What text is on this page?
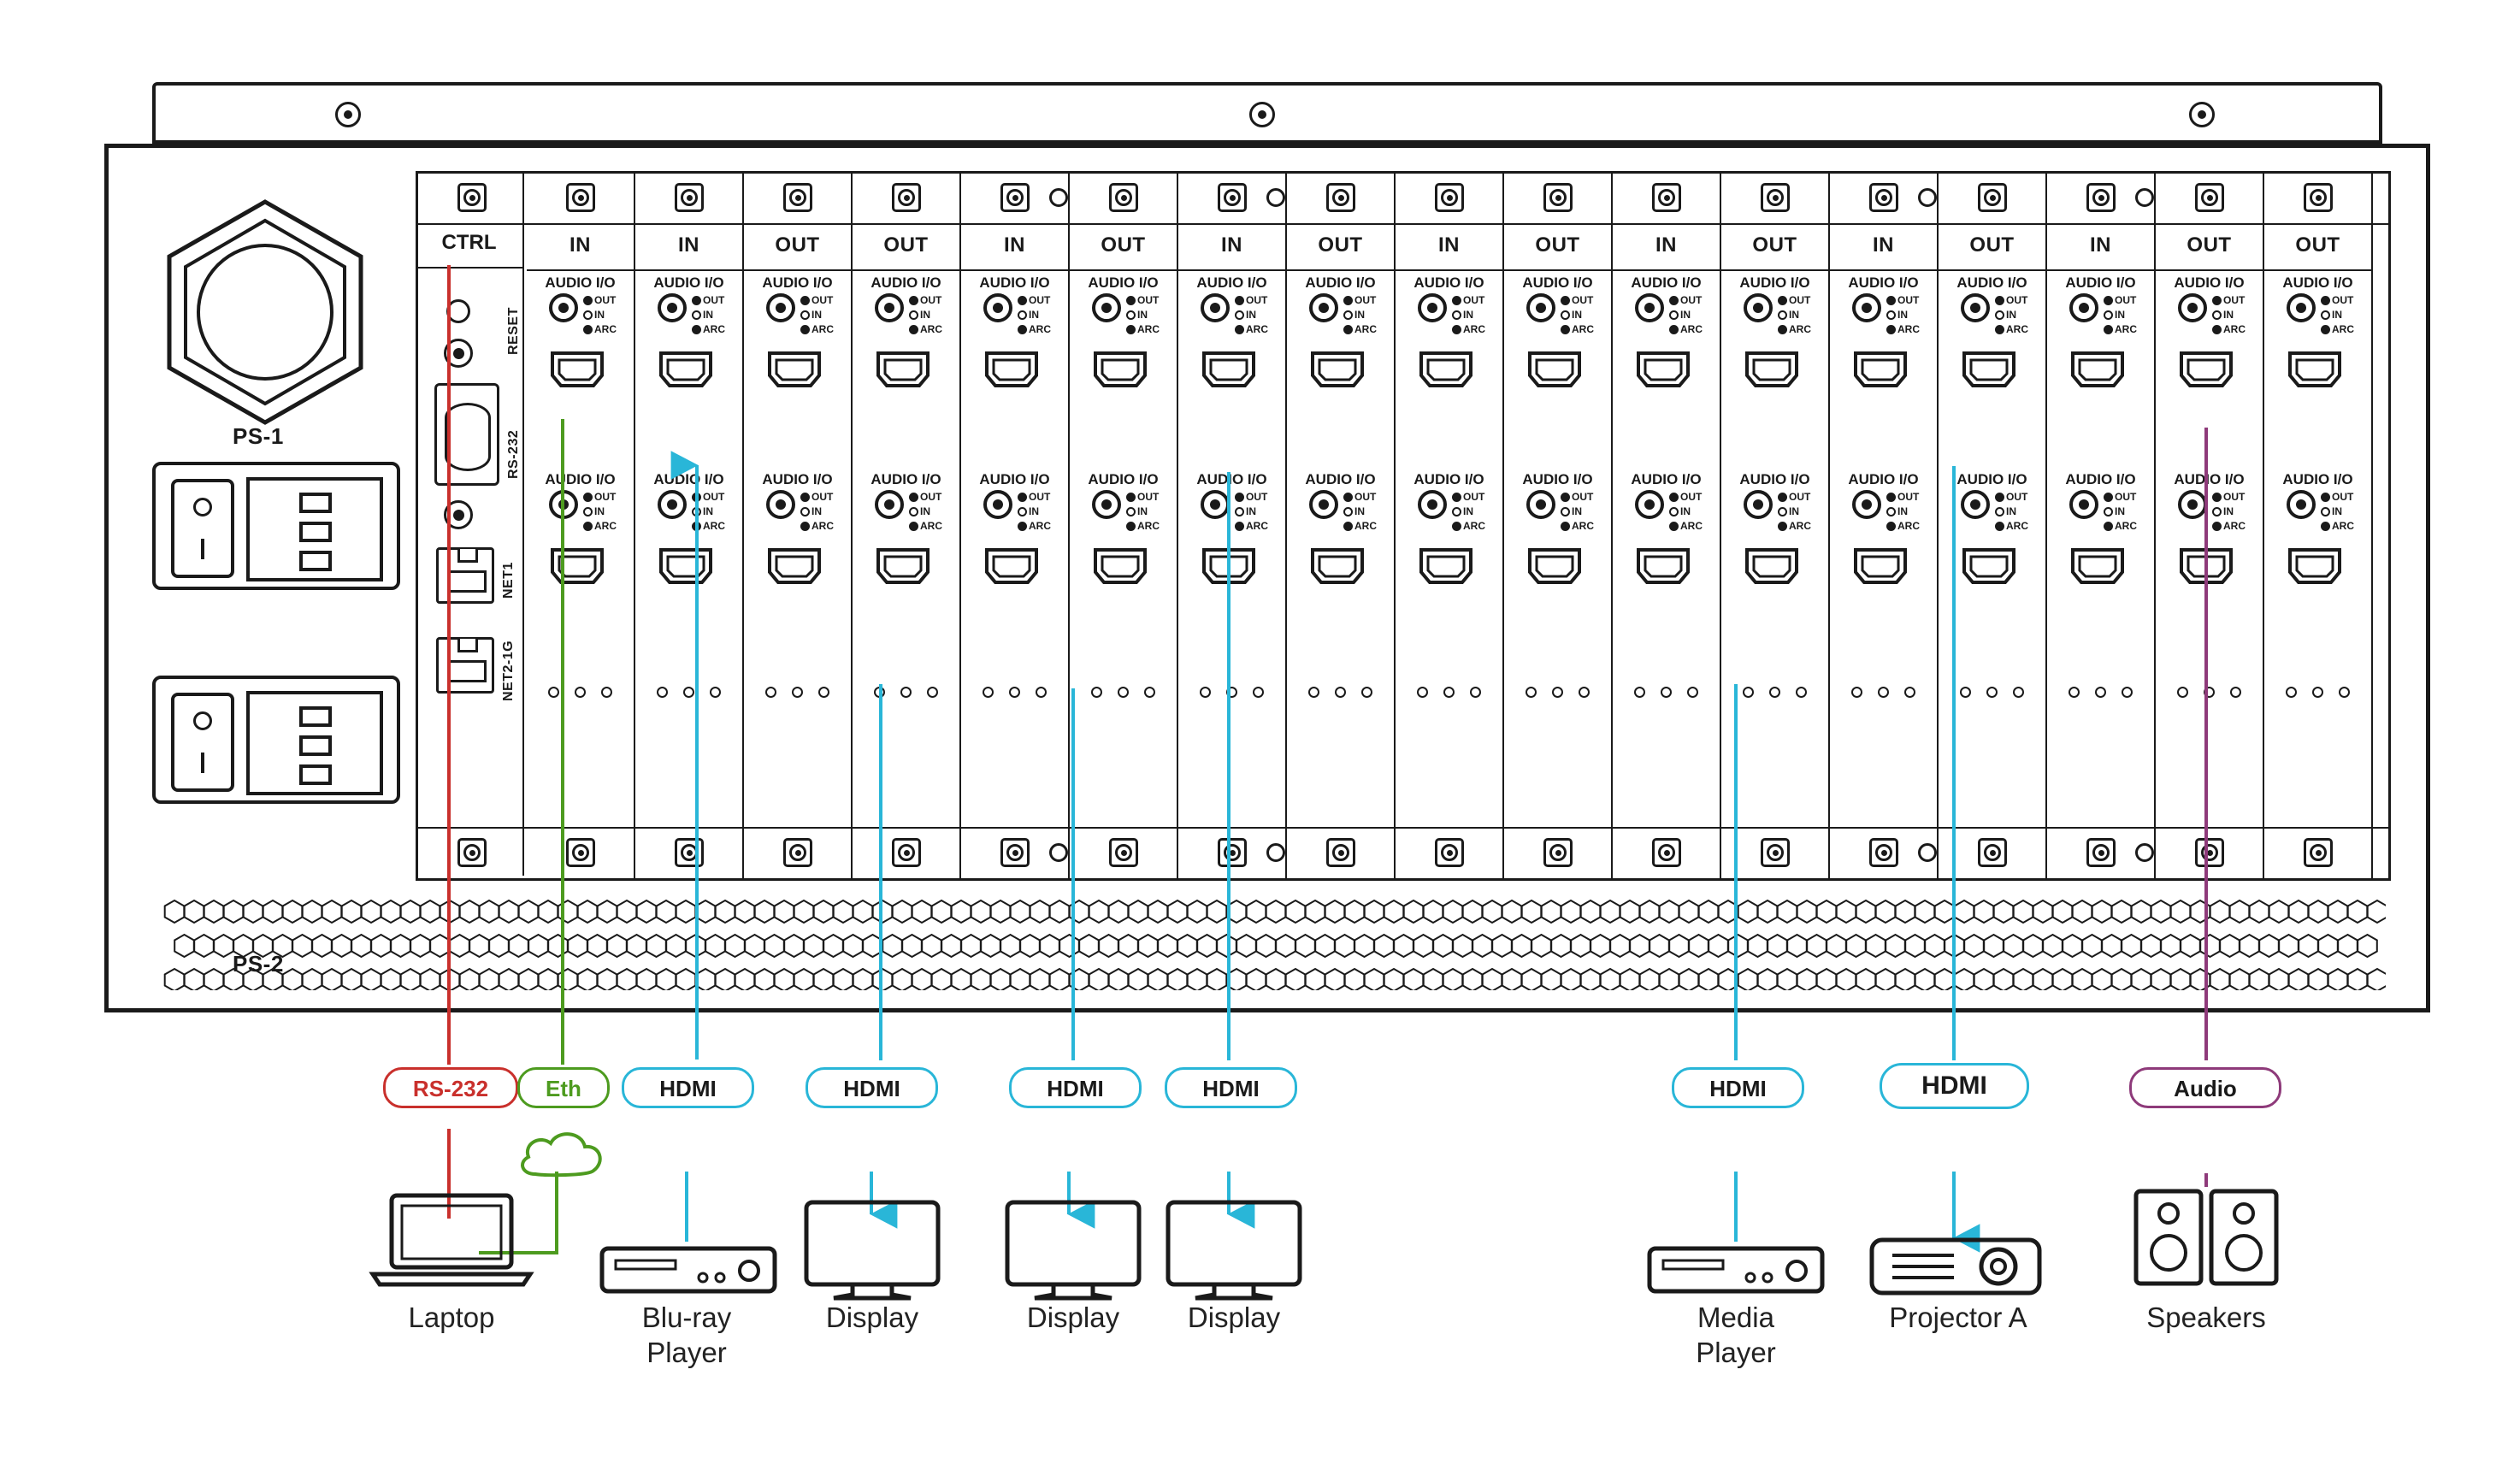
PS-1
PS-2
IN
AUDIO I/O
OUT
IN
ARC
AUDIO I/O
OUT
IN
ARC
IN
AUDIO I/O
OUT
IN
ARC
AUDIO I/O
OUT
IN
ARC
OUT
AUDIO I/O
OUT
IN
ARC
AUDIO I/O
OUT
IN
ARC
OUT
AUDIO I/O
OUT
IN
ARC
AUDIO I/O
OUT
IN
ARC
IN
AUDIO I/O
OUT
IN
ARC
AUDIO I/O
OUT
IN
ARC
OUT
AUDIO I/O
OUT
IN
ARC
AUDIO I/O
OUT
IN
ARC
IN
AUDIO I/O
OUT
IN
ARC
AUDIO I/O
OUT
IN
ARC
OUT
AUDIO I/O
OUT
IN
ARC
AUDIO I/O
OUT
IN
ARC
IN
AUDIO I/O
OUT
IN
ARC
AUDIO I/O
OUT
IN
ARC
OUT
AUDIO I/O
OUT
IN
ARC
AUDIO I/O
OUT
IN
ARC
IN
AUDIO I/O
OUT
IN
ARC
AUDIO I/O
OUT
IN
ARC
OUT
AUDIO I/O
OUT
IN
ARC
AUDIO I/O
OUT
IN
ARC
IN
AUDIO I/O
OUT
IN
ARC
AUDIO I/O
OUT
IN
ARC
OUT
AUDIO I/O
OUT
IN
ARC
AUDIO I/O
OUT
IN
ARC
IN
AUDIO I/O
OUT
IN
ARC
AUDIO I/O
OUT
IN
ARC
OUT
AUDIO I/O
OUT
IN
ARC
AUDIO I/O
OUT
IN
ARC
OUT
AUDIO I/O
OUT
IN
ARC
AUDIO I/O
OUT
IN
ARC
CTRL
RESET
RS-232
NET1
NET2-1G
RS-232	Eth	HDMI	HDMI	HDMI	HDMI	HDMI	HDMI	Audio
Laptop	Blu-ray
Player
Display	Display	Display	Media
Player
Projector A	Speakers
